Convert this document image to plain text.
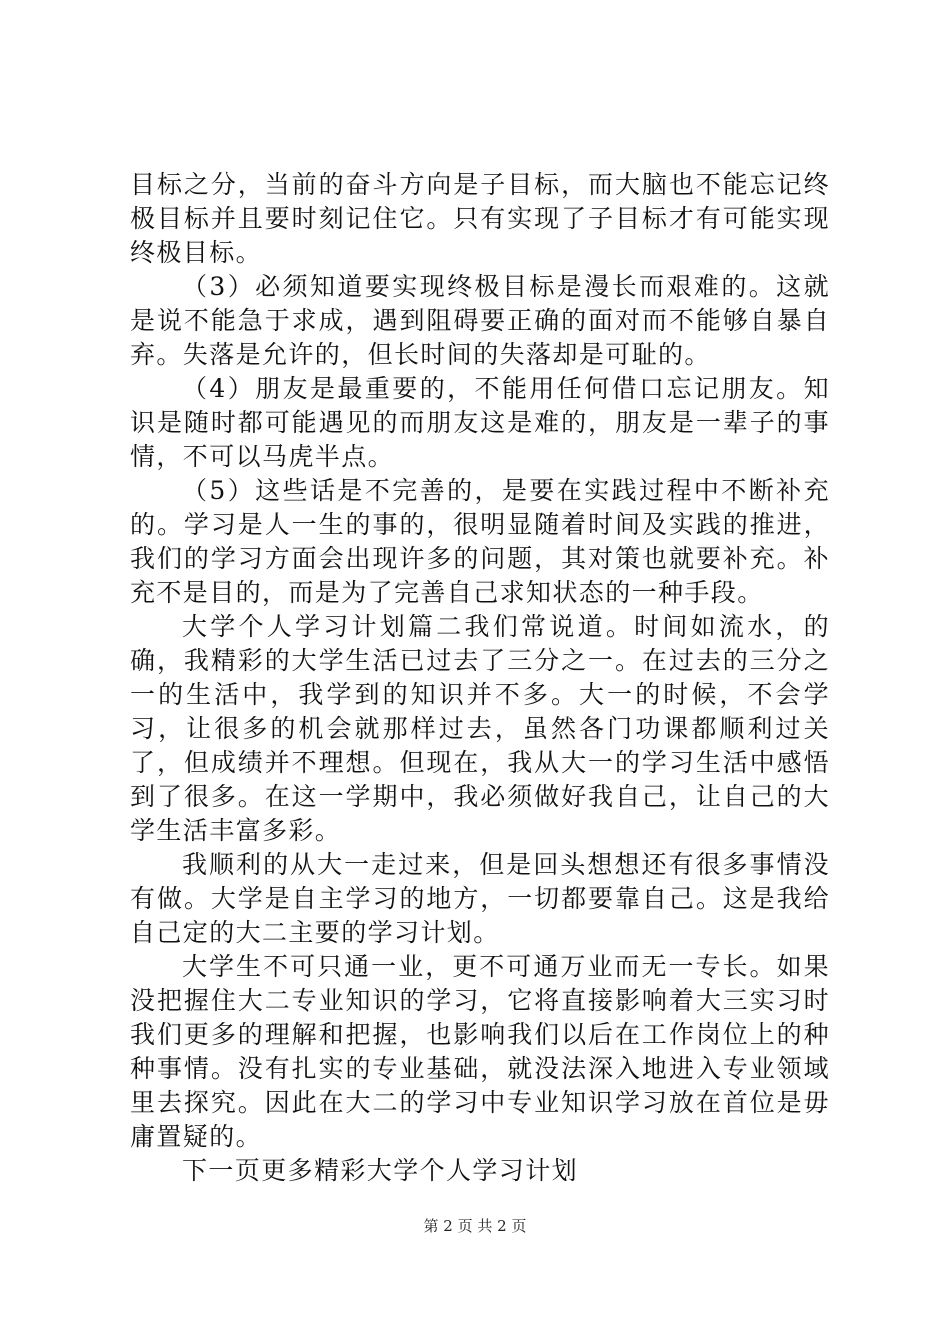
目标之分，当前的奋斗方向是子目标，而大脑也不能忘记终极目标并且要时刻记住它。只有实现了子目标才有可能实现终极目标。

（3）必须知道要实现终极目标是漫长而艰难的。这就是说不能急于求成，遇到阻碍要正确的面对而不能够自暴自弃。失落是允许的，但长时间的失落却是可耻的。

（4）朋友是最重要的，不能用任何借口忘记朋友。知识是随时都可能遇见的而朋友这是难的，朋友是一辈子的事情，不可以马虎半点。

（5）这些话是不完善的，是要在实践过程中不断补充的。学习是人一生的事的，很明显随着时间及实践的推进，我们的学习方面会出现许多的问题，其对策也就要补充。补充不是目的，而是为了完善自己求知状态的一种手段。

大学个人学习计划篇二我们常说道。时间如流水，的确，我精彩的大学生活已过去了三分之一。在过去的三分之一的生活中，我学到的知识并不多。大一的时候，不会学习，让很多的机会就那样过去，虽然各门功课都顺利过关了，但成绩并不理想。但现在，我从大一的学习生活中感悟到了很多。在这一学期中，我必须做好我自己，让自己的大学生活丰富多彩。

我顺利的从大一走过来，但是回头想想还有很多事情没有做。大学是自主学习的地方，一切都要靠自己。这是我给自己定的大二主要的学习计划。

大学生不可只通一业，更不可通万业而无一专长。如果没把握住大二专业知识的学习，它将直接影响着大三实习时我们更多的理解和把握，也影响我们以后在工作岗位上的种种事情。没有扎实的专业基础，就没法深入地进入专业领域里去探究。因此在大二的学习中专业知识学习放在首位是毋庸置疑的。

下一页更多精彩大学个人学习计划

第 2 页 共 2 页
